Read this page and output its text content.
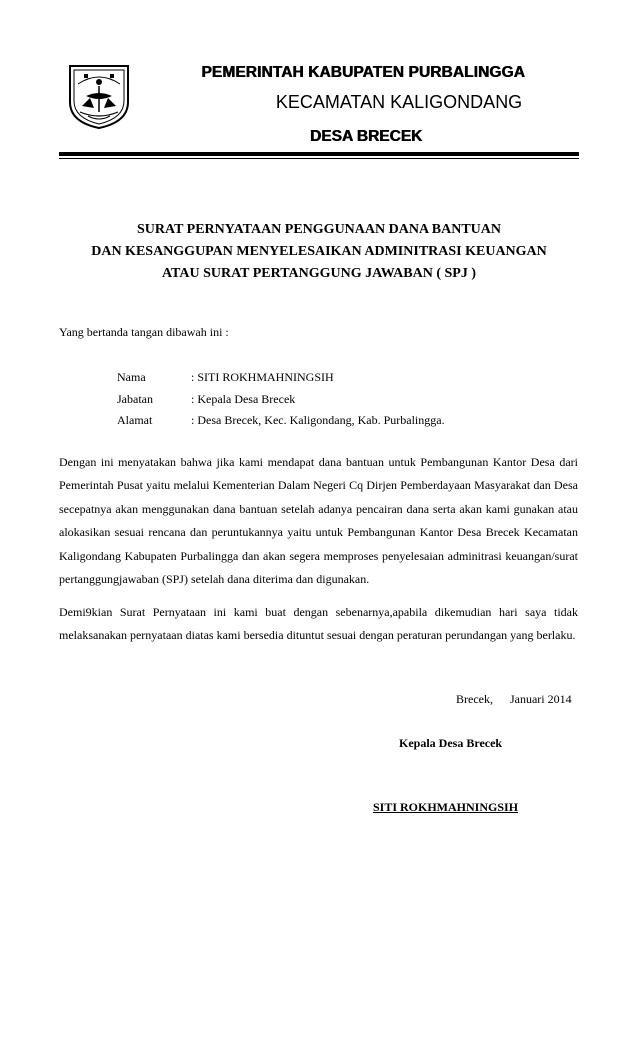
PEMERINTAH KABUPATEN PURBALINGGA
KECAMATAN KALIGONDANG
DESA BRECEK
SURAT PERNYATAAN PENGGUNAAN DANA BANTUAN
DAN KESANGGUPAN MENYELESAIKAN ADMINITRASI KEUANGAN
ATAU SURAT PERTANGGUNG JAWABAN ( SPJ )
Yang bertanda tangan dibawah ini :
Nama	: SITI ROKHMAHNINGSIH
Jabatan	: Kepala Desa Brecek
Alamat	: Desa Brecek, Kec. Kaligondang, Kab. Purbalingga.

Dengan ini menyatakan bahwa jika kami mendapat dana bantuan untuk Pembangunan Kantor Desa dari Pemerintah Pusat yaitu melalui Kementerian Dalam Negeri Cq Dirjen Pemberdayaan Masyarakat dan Desa secepatnya akan menggunakan dana bantuan setelah adanya pencairan dana serta akan kami gunakan atau alokasikan sesuai rencana dan peruntukannya yaitu untuk Pembangunan Kantor Desa Brecek Kecamatan Kaligondang Kabupaten Purbalingga dan akan segera memproses penyelesaian adminitrasi keuangan/surat pertanggungjawaban (SPJ) setelah dana diterima dan digunakan.

Demi9kian Surat Pernyataan ini kami buat dengan sebenarnya,apabila dikemudian hari saya tidak melaksanakan pernyataan diatas kami bersedia dituntut sesuai dengan peraturan perundangan yang berlaku.

Brecek, Januari 2014
Kepala Desa Brecek
SITI ROKHMAHNINGSIH
